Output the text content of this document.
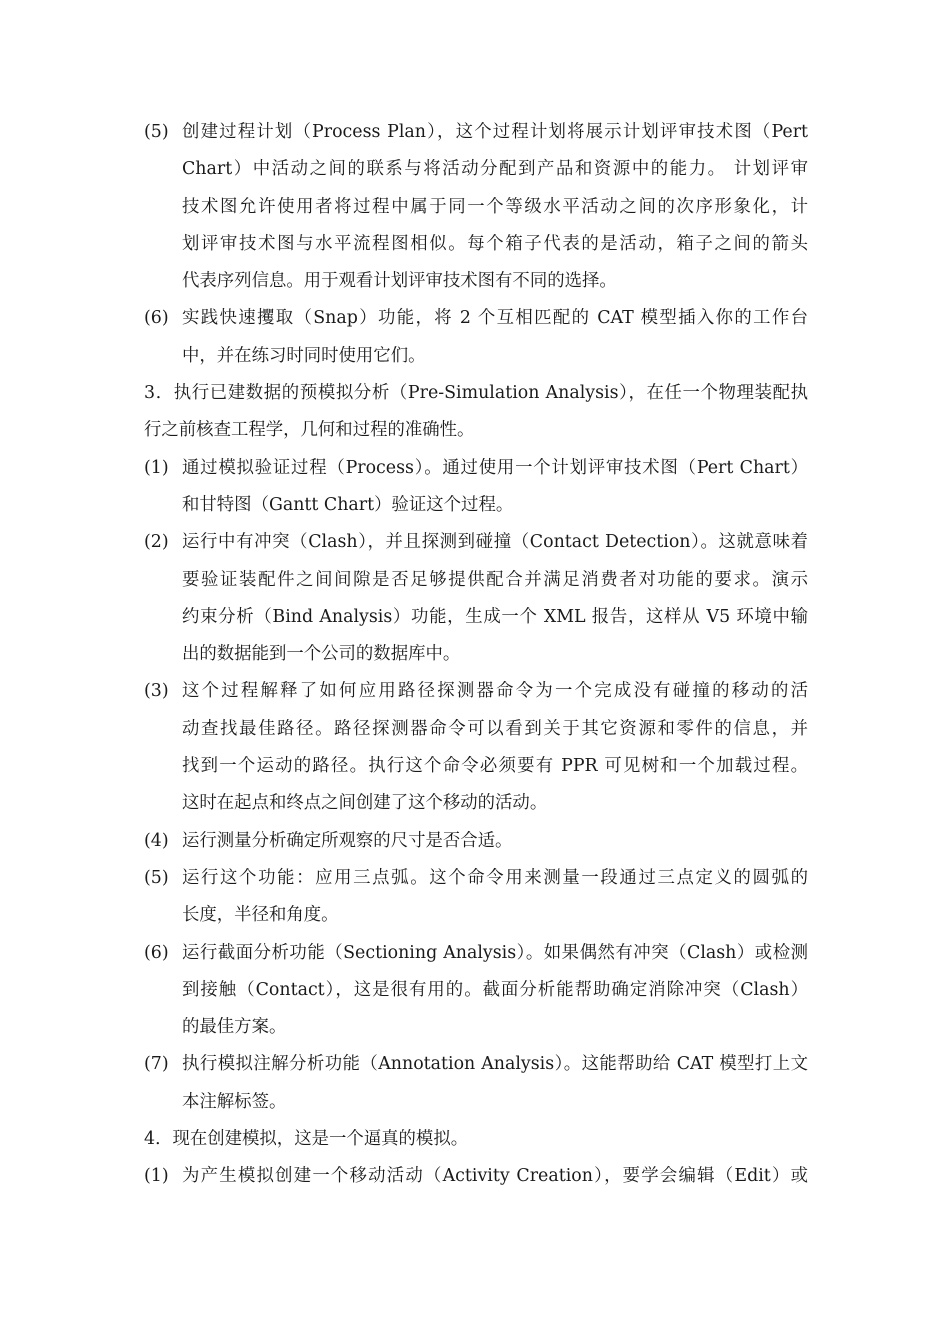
(5) 创建过程计划（Process Plan），这个过程计划将展示计划评审技术图（Pert
Chart）中活动之间的联系与将活动分配到产品和资源中的能力。 计划评审
技术图允许使用者将过程中属于同一个等级水平活动之间的次序形象化，计
划评审技术图与水平流程图相似。每个箱子代表的是活动，箱子之间的箭头
代表序列信息。用于观看计划评审技术图有不同的选择。
(6) 实践快速攫取（Snap）功能，将 2 个互相匹配的 CAT 模型插入你的工作台
中，并在练习时同时使用它们。
3．执行已建数据的预模拟分析（Pre-Simulation Analysis），在任一个物理装配执
行之前核查工程学，几何和过程的准确性。
(1) 通过模拟验证过程（Process）。通过使用一个计划评审技术图（Pert Chart）
和甘特图（Gantt Chart）验证这个过程。
(2) 运行中有冲突（Clash），并且探测到碰撞（Contact Detection）。这就意味着
要验证装配件之间间隙是否足够提供配合并满足消费者对功能的要求。演示
约束分析（Bind Analysis）功能，生成一个 XML 报告，这样从 V5 环境中输
出的数据能到一个公司的数据库中。
(3) 这个过程解释了如何应用路径探测器命令为一个完成没有碰撞的移动的活
动查找最佳路径。路径探测器命令可以看到关于其它资源和零件的信息，并
找到一个运动的路径。执行这个命令必须要有 PPR 可见树和一个加载过程。
这时在起点和终点之间创建了这个移动的活动。
(4) 运行测量分析确定所观察的尺寸是否合适。
(5) 运行这个功能：应用三点弧。这个命令用来测量一段通过三点定义的圆弧的
长度，半径和角度。
(6) 运行截面分析功能（Sectioning Analysis）。如果偶然有冲突（Clash）或检测
到接触（Contact），这是很有用的。截面分析能帮助确定消除冲突（Clash）
的最佳方案。
(7) 执行模拟注解分析功能（Annotation Analysis）。这能帮助给 CAT 模型打上文
本注解标签。
4．现在创建模拟，这是一个逼真的模拟。
(1) 为产生模拟创建一个移动活动（Activity Creation），要学会编辑（Edit）或
